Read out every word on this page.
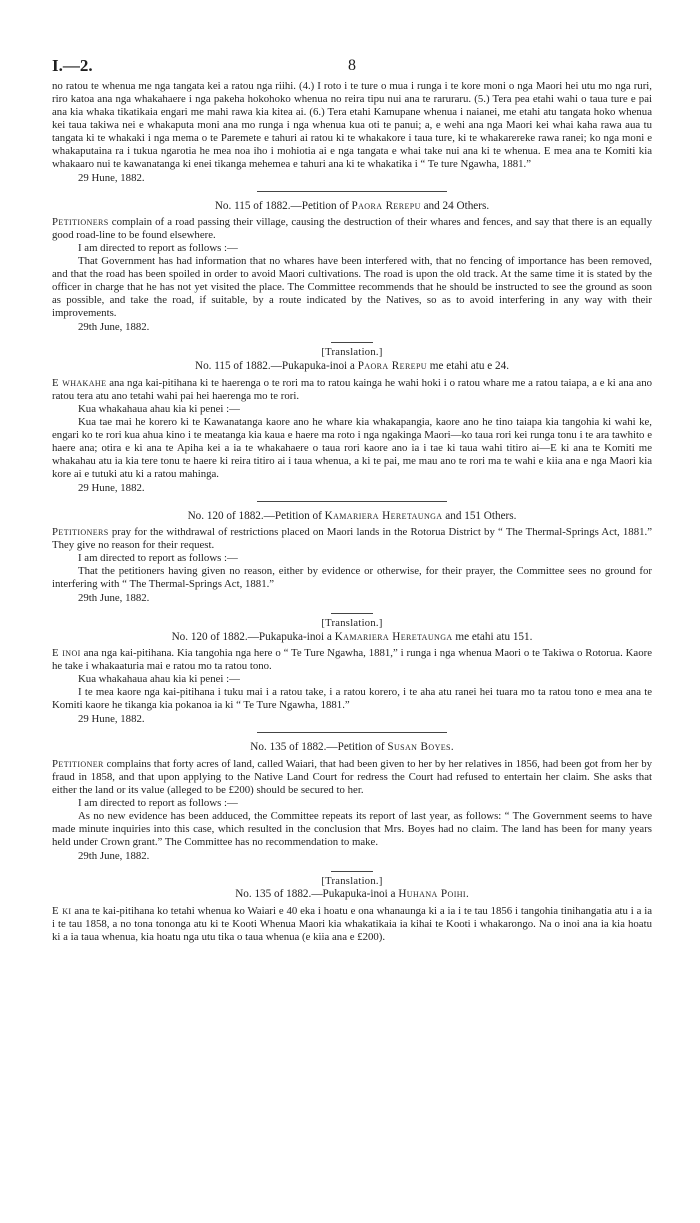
I.—2.	8

no ratou te whenua me nga tangata kei a ratou nga riihi. (4.) I roto i te ture o mua i runga i te kore moni o nga Maori hei utu mo nga ruri, riro katoa ana nga whakahaere i nga pakeha hokohoko whenua no reira tipu nui ana te raruraru. (5.) Tera pea etahi wahi o taua ture e pai ana kia whaka tikatikaia engari me mahi rawa kia kitea ai. (6.) Tera etahi Kamupane whenua i naianei, me etahi atu tangata hoko whenua kei taua takiwa nei e whakaputa moni ana mo runga i nga whenua kua oti te panui; a, e wehi ana nga Maori kei whai kaha rawa aua tu tangata ki te whakaki i nga mema o te Paremete e tahuri ai ratou ki te whakakore i taua ture, ki te whakarereke rawa ranei; ko nga moni e whakaputaina ra i tukua ngarotia he mea noa iho i mohiotia ai e nga tangata e whai take nui ana ki te whenua. E mea ana te Komiti kia whakaaro nui te kawanatanga ki enei tikanga mehemea e tahuri ana ki te whakatika i “ Te ture Ngawha, 1881.”

29 Hune, 1882.

No. 115 of 1882.—Petition of Paora Rerepu and 24 Others.

Petitioners complain of a road passing their village, causing the destruction of their whares and fences, and say that there is an equally good road-line to be found elsewhere.

I am directed to report as follows :—

That Government has had information that no whares have been interfered with, that no fencing of importance has been removed, and that the road has been spoiled in order to avoid Maori cultivations. The road is upon the old track. At the same time it is stated by the officer in charge that he has not yet visited the place. The Committee recommends that he should be instructed to see the ground as soon as possible, and take the road, if suitable, by a route indicated by the Natives, so as to avoid interfering in any way with their improvements.

29th June, 1882.

[Translation.]

No. 115 of 1882.—Pukapuka-inoi a Paora Rerepu me etahi atu e 24.

E whakahe ana nga kai-pitihana ki te haerenga o te rori ma to ratou kainga he wahi hoki i o ratou whare me a ratou taiapa, a e ki ana ano ratou tera atu ano tetahi wahi pai hei haerenga mo te rori.

Kua whakahaua ahau kia ki penei :—

Kua tae mai he korero ki te Kawanatanga kaore ano he whare kia whakapangia, kaore ano he tino taiapa kia tangohia ki wahi ke, engari ko te rori kua ahua kino i te meatanga kia kaua e haere ma roto i nga ngakinga Maori—ko taua rori kei runga tonu i te ara tawhito e haere ana; otira e ki ana te Apiha kei a ia te whakahaere o taua rori kaore ano ia i tae ki taua wahi titiro ai—E ki ana te Komiti me whakahau atu ia kia tere tonu te haere ki reira titiro ai i taua whenua, a ki te pai, me mau ano te rori ma te wahi e kiia ana e nga Maori kia kore ai e tutuki atu ki a ratou mahinga.

29 Hune, 1882.

No. 120 of 1882.—Petition of Kamariera Heretaunga and 151 Others.

Petitioners pray for the withdrawal of restrictions placed on Maori lands in the Rotorua District by “ The Thermal-Springs Act, 1881.” They give no reason for their request.

I am directed to report as follows :—

That the petitioners having given no reason, either by evidence or otherwise, for their prayer, the Committee sees no ground for interfering with “ The Thermal-Springs Act, 1881.”

29th June, 1882.

[Translation.]

No. 120 of 1882.—Pukapuka-inoi a Kamariera Heretaunga me etahi atu 151.

E inoi ana nga kai-pitihana. Kia tangohia nga here o “ Te Ture Ngawha, 1881,” i runga i nga whenua Maori o te Takiwa o Rotorua. Kaore he take i whakaaturia mai e ratou mo ta ratou tono.

Kua whakahaua ahau kia ki penei :—

I te mea kaore nga kai-pitihana i tuku mai i a ratou take, i a ratou korero, i te aha atu ranei hei tuara mo ta ratou tono e mea ana te Komiti kaore he tikanga kia pokanoa ia ki “ Te Ture Ngawha, 1881.”

29 Hune, 1882.

No. 135 of 1882.—Petition of Susan Boyes.

Petitioner complains that forty acres of land, called Waiari, that had been given to her by her relatives in 1856, had been got from her by fraud in 1858, and that upon applying to the Native Land Court for redress the Court had refused to entertain her claim. She asks that either the land or its value (alleged to be £200) should be secured to her.

I am directed to report as follows :—

As no new evidence has been adduced, the Committee repeats its report of last year, as follows: “ The Government seems to have made minute inquiries into this case, which resulted in the conclusion that Mrs. Boyes had no claim. The land has been for many years held under Crown grant.” The Committee has no recommendation to make.

29th June, 1882.

[Translation.]

No. 135 of 1882.—Pukapuka-inoi a Huhana Poihi.

E ki ana te kai-pitihana ko tetahi whenua ko Waiari e 40 eka i hoatu e ona whanaunga ki a ia i te tau 1856 i tangohia tinihangatia atu i a ia i te tau 1858, a no tona tononga atu ki te Kooti Whenua Maori kia whakatikaia ia kihai te Kooti i whakarongo. Na o inoi ana ia kia hoatu ki a ia taua whenua, kia hoatu nga utu tika o taua whenua (e kiia ana e £200).
